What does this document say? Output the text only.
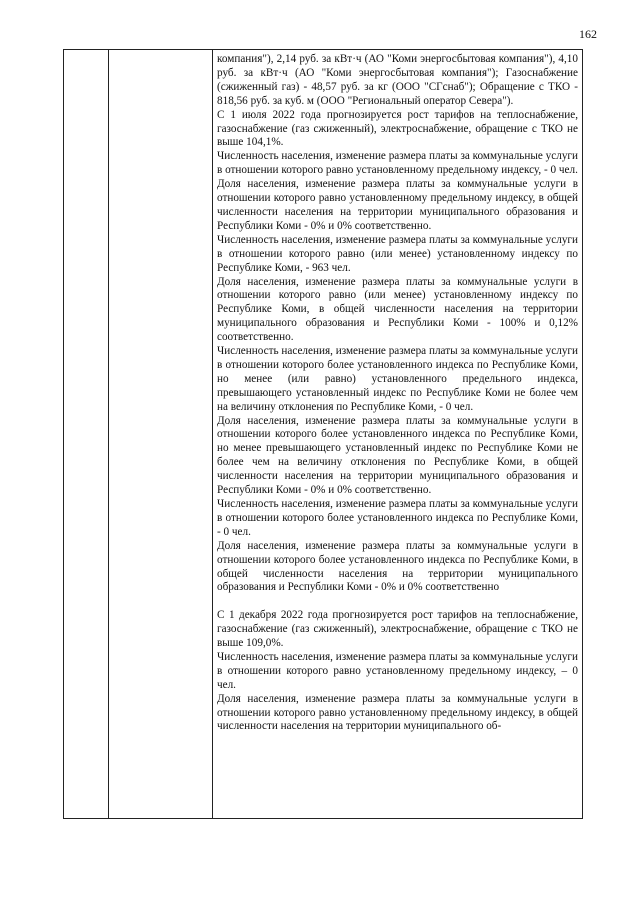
162

компания"), 2,14 руб. за кВт·ч (АО "Коми энергосбытовая компания"), 4,10 руб. за кВт·ч (АО "Коми энергосбытовая компания"); Газоснабжение (сжиженный газ) - 48,57 руб. за кг (ООО "СГснаб"); Обращение с ТКО - 818,56 руб. за куб. м (ООО "Региональный оператор Севера").

С 1 июля 2022 года прогнозируется рост тарифов на теплоснабжение, газоснабжение (газ сжиженный), электроснабжение, обращение с ТКО не выше 104,1%.

Численность населения, изменение размера платы за коммунальные услуги в отношении которого равно установленному предельному индексу, - 0 чел.

Доля населения, изменение размера платы за коммунальные услуги в отношении которого равно установленному предельному индексу, в общей численности населения на территории муниципального образования и Республики Коми - 0% и 0% соответственно.

Численность населения, изменение размера платы за коммунальные услуги в отношении которого равно (или менее) установленному индексу по Республике Коми, - 963 чел.

Доля населения, изменение размера платы за коммунальные услуги в отношении которого равно (или менее) установленному индексу по Республике Коми, в общей численности населения на территории муниципального образования и Республики Коми - 100% и 0,12% соответственно.

Численность населения, изменение размера платы за коммунальные услуги в отношении которого более установленного индекса по Республике Коми, но менее (или равно) установленного предельного индекса, превышающего установленный индекс по Республике Коми не более чем на величину отклонения по Республике Коми, - 0 чел.

Доля населения, изменение размера платы за коммунальные услуги в отношении которого более установленного индекса по Республике Коми, но менее превышающего установленный индекс по Республике Коми не более чем на величину отклонения по Республике Коми, в общей численности населения на территории муниципального образования и Республики Коми - 0% и 0% соответственно.

Численность населения, изменение размера платы за коммунальные услуги в отношении которого более установленного индекса по Республике Коми, - 0 чел.

Доля населения, изменение размера платы за коммунальные услуги в отношении которого более установленного индекса по Республике Коми, в общей численности населения на территории муниципального образования и Республики Коми - 0% и 0% соответственно

С 1 декабря 2022 года прогнозируется рост тарифов на теплоснабжение, газоснабжение (газ сжиженный), электроснабжение, обращение с ТКО не выше 109,0%.

Численность населения, изменение размера платы за коммунальные услуги в отношении которого равно установленному предельному индексу, – 0 чел.

Доля населения, изменение размера платы за коммунальные услуги в отношении которого равно установленному предельному индексу, в общей численности населения на территории муниципального об-
